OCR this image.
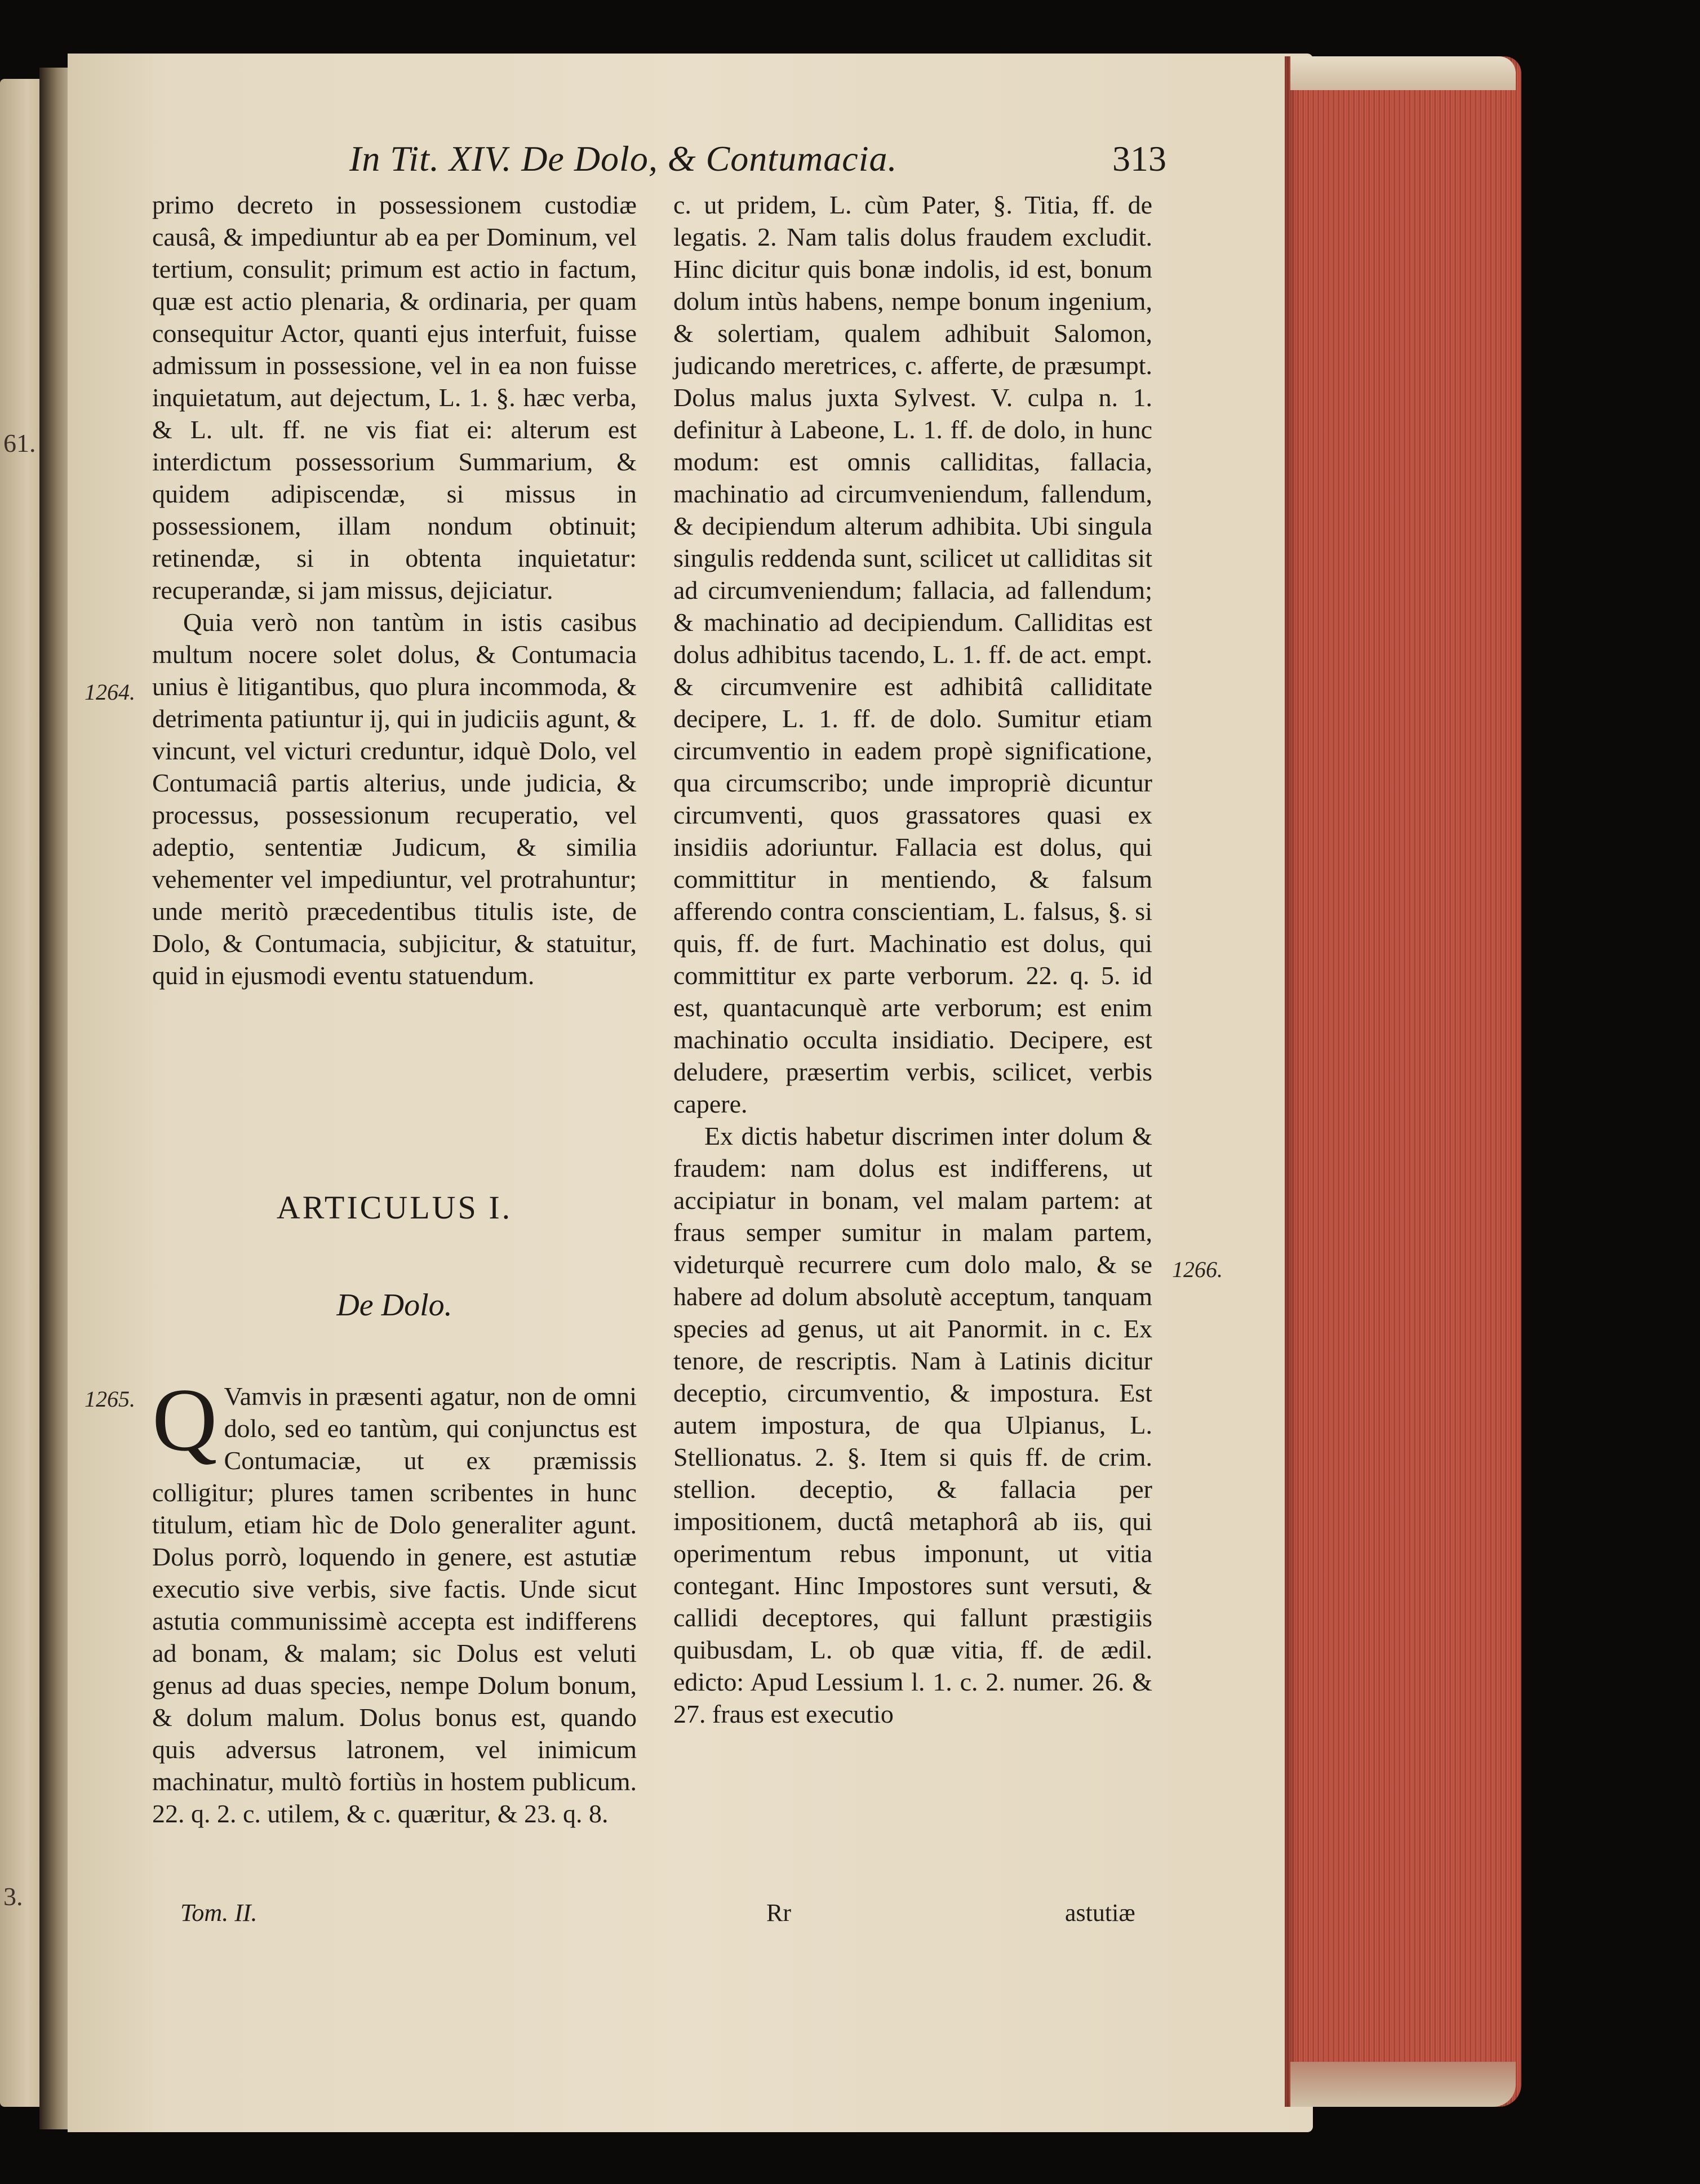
61.
3.
In Tit. XIV. De Dolo, & Contumacia.	313

primo decreto in possessionem custodiæ causâ, & impediuntur ab ea per Dominum, vel tertium, consulit; primum est actio in factum, quæ est actio plenaria, & ordinaria, per quam consequitur Actor, quanti ejus interfuit, fuisse admissum in possessione, vel in ea non fuisse inquietatum, aut dejectum, L. 1. §. hæc verba, & L. ult. ff. ne vis fiat ei: alterum est interdictum possessorium Summarium, & quidem adipiscendæ, si missus in possessionem, illam nondum obtinuit; retinendæ, si in obtenta inquietatur: recuperandæ, si jam missus, dejiciatur.

Quia verò non tantùm in istis casibus multum nocere solet dolus, & Contumacia unius è litigantibus, quo plura incommoda, & detrimenta patiuntur ij, qui in judiciis agunt, & vincunt, vel victuri creduntur, idquè Dolo, vel Contumaciâ partis alterius, unde judicia, & processus, possessionum recuperatio, vel adeptio, sententiæ Judicum, & similia vehementer vel impediuntur, vel protrahuntur; unde meritò præcedentibus titulis iste, de Dolo, & Contumacia, subjicitur, & statuitur, quid in ejusmodi eventu statuendum.

1264.
ARTICULUS I.
De Dolo.
1265. Q Vamvis in præsenti agatur, non de omni dolo, sed eo tantùm, qui conjunctus est Contumaciæ, ut ex præmissis colligitur; plures tamen scribentes in hunc titulum, etiam hìc de Dolo generaliter agunt. Dolus porrò, loquendo in genere, est astutiæ executio sive verbis, sive factis. Unde sicut astutia communissimè accepta est indifferens ad bonam, & malam; sic Dolus est veluti genus ad duas species, nempe Dolum bonum, & dolum malum. Dolus bonus est, quando quis adversus latronem, vel inimicum machinatur, multò fortiùs in hostem publicum. 22. q. 2. c. utilem, & c. quæritur, & 23. q. 8.

Tom. II.

c. ut pridem, L. cùm Pater, §. Titia, ff. de legatis. 2. Nam talis dolus fraudem excludit. Hinc dicitur quis bonæ indolis, id est, bonum dolum intùs habens, nempe bonum ingenium, & solertiam, qualem adhibuit Salomon, judicando meretrices, c. afferte, de præsumpt. Dolus malus juxta Sylvest. V. culpa n. 1. definitur à Labeone, L. 1. ff. de dolo, in hunc modum: est omnis calliditas, fallacia, machinatio ad circumveniendum, fallendum, & decipiendum alterum adhibita. Ubi singula singulis reddenda sunt, scilicet ut calliditas sit ad circumveniendum; fallacia, ad fallendum; & machinatio ad decipiendum. Calliditas est dolus adhibitus tacendo, L. 1. ff. de act. empt. & circumvenire est adhibitâ calliditate decipere, L. 1. ff. de dolo. Sumitur etiam circumventio in eadem propè significatione, qua circumscribo; unde impropriè dicuntur circumventi, quos grassatores quasi ex insidiis adoriuntur. Fallacia est dolus, qui committitur in mentiendo, & falsum afferendo contra conscientiam, L. falsus, §. si quis, ff. de furt. Machinatio est dolus, qui committitur ex parte verborum. 22. q. 5. id est, quantacunquè arte verborum; est enim machinatio occulta insidiatio. Decipere, est deludere, præsertim verbis, scilicet, verbis capere.

Ex dictis habetur discrimen inter dolum & fraudem: nam dolus est indifferens, ut accipiatur in bonam, vel malam partem: at fraus semper sumitur in malam partem, videturquè recurrere cum dolo malo, & se habere ad dolum absolutè acceptum, tanquam species ad genus, ut ait Panormit. in c. Ex tenore, de rescriptis. Nam à Latinis dicitur deceptio, circumventio, & impostura. Est autem impostura, de qua Ulpianus, L. Stellionatus. 2. §. Item si quis ff. de crim. stellion. deceptio, & fallacia per impositionem, ductâ metaphorâ ab iis, qui operimentum rebus imponunt, ut vitia contegant. Hinc Impostores sunt versuti, & callidi deceptores, qui fallunt præstigiis quibusdam, L. ob quæ vitia, ff. de ædil. edicto: Apud Lessium l. 1. c. 2. numer. 26. & 27. fraus est executio

1266.
Rr	astutiæ
